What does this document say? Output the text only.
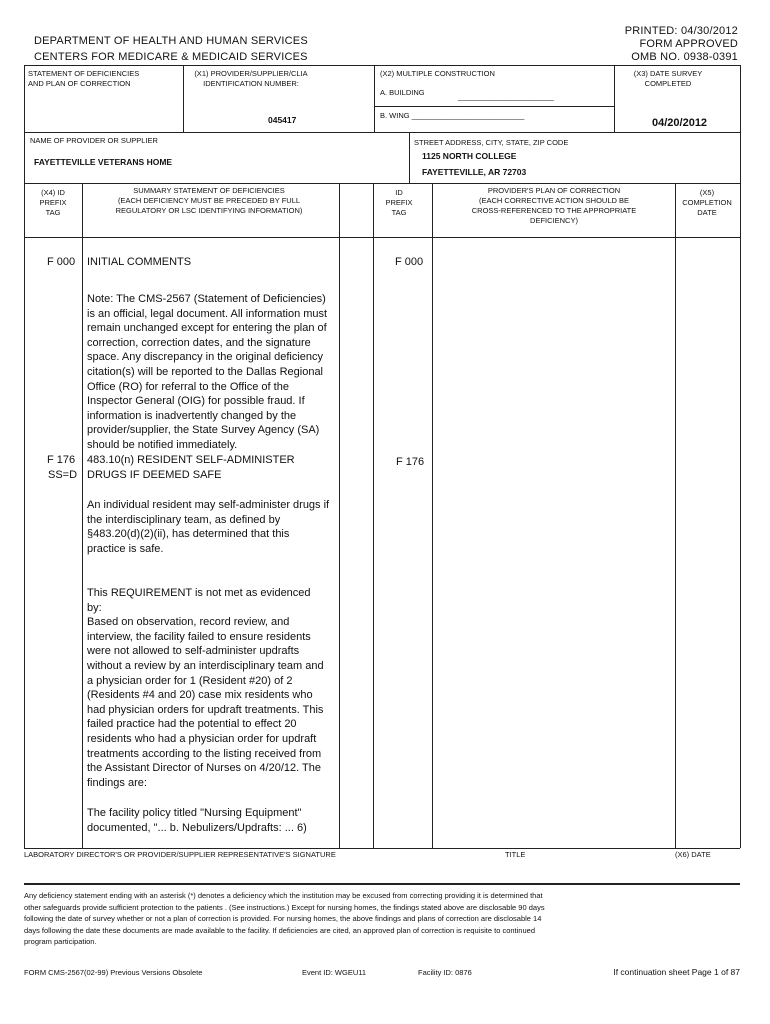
PRINTED: 04/30/2012
FORM APPROVED
OMB NO. 0938-0391
DEPARTMENT OF HEALTH AND HUMAN SERVICES
CENTERS FOR MEDICARE & MEDICAID SERVICES
STATEMENT OF DEFICIENCIES
AND PLAN OF CORRECTION
(X1) PROVIDER/SUPPLIER/CLIA
IDENTIFICATION NUMBER:
045417
(X2) MULTIPLE CONSTRUCTION
A. BUILDING	_______________________
B. WING ___________________________
(X3) DATE SURVEY
COMPLETED
04/20/2012
NAME OF PROVIDER OR SUPPLIER
FAYETTEVILLE VETERANS HOME
STREET ADDRESS, CITY, STATE, ZIP CODE
1125 NORTH COLLEGE
FAYETTEVILLE, AR 72703
(X4) ID
PREFIX
TAG
SUMMARY STATEMENT OF DEFICIENCIES
(EACH DEFICIENCY MUST BE PRECEDED BY FULL
REGULATORY OR LSC IDENTIFYING INFORMATION)
ID
PREFIX
TAG
PROVIDER'S PLAN OF CORRECTION
(EACH CORRECTIVE ACTION SHOULD BE
CROSS-REFERENCED TO THE APPROPRIATE
DEFICIENCY)
(X5)
COMPLETION
DATE
F 000 INITIAL COMMENTS	F 000
Note: The CMS-2567 (Statement of Deficiencies)
is an official, legal document. All information must
remain unchanged except for entering the plan of
correction, correction dates, and the signature
space. Any discrepancy in the original deficiency
citation(s) will be reported to the Dallas Regional
Office (RO) for referral to the Office of the
Inspector General (OIG) for possible fraud. If
information is inadvertently changed by the
provider/supplier, the State Survey Agency (SA)
should be notified immediately.
F 176
SS=D
483.10(n) RESIDENT SELF-ADMINISTER
DRUGS IF DEEMED SAFE
F 176
An individual resident may self-administer drugs if
the interdisciplinary team, as defined by
§483.20(d)(2)(ii), has determined that this
practice is safe.
This REQUIREMENT is not met as evidenced
by:
Based on observation, record review, and
interview, the facility failed to ensure residents
were not allowed to self-administer updrafts
without a review by an interdisciplinary team and
a physician order for 1 (Resident #20) of 2
(Residents #4 and 20) case mix residents who
had physician orders for updraft treatments. This
failed practice had the potential to effect 20
residents who had a physician order for updraft
treatments according to the listing received from
the Assistant Director of Nurses on 4/20/12. The
findings are:
The facility policy titled "Nursing Equipment"
documented, "... b. Nebulizers/Updrafts: ... 6)
LABORATORY DIRECTOR'S OR PROVIDER/SUPPLIER REPRESENTATIVE'S SIGNATURE	TITLE	(X6) DATE
Any deficiency statement ending with an asterisk (*) denotes a deficiency which the institution may be excused from correcting providing it is determined that
other safeguards provide sufficient protection to the patients . (See instructions.) Except for nursing homes, the findings stated above are disclosable 90 days
following the date of survey whether or not a plan of correction is provided. For nursing homes, the above findings and plans of correction are disclosable 14
days following the date these documents are made available to the facility. If deficiencies are cited, an approved plan of correction is requisite to continued
program participation.
FORM CMS-2567(02-99) Previous Versions Obsolete	Event ID: WGEU11	Facility ID: 0876	If continuation sheet Page 1 of 87
